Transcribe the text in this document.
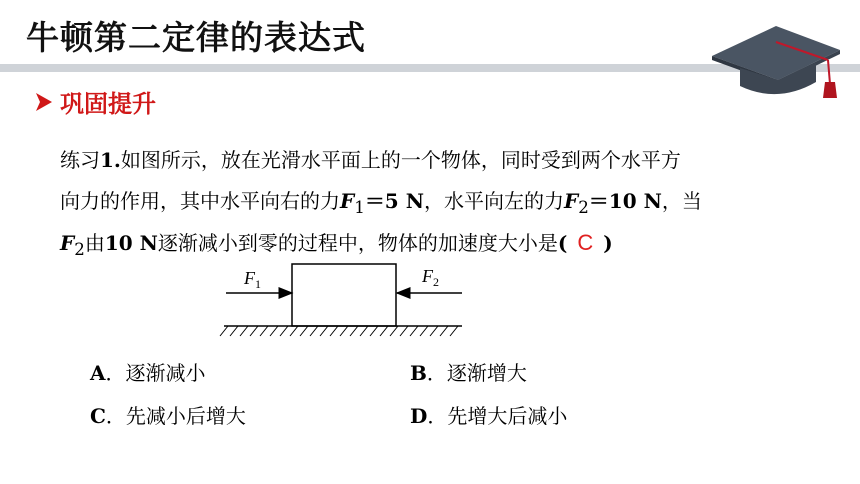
牛顿第二定律的表达式
巩固提升
练习1.如图所示，放在光滑水平面上的一个物体，同时受到两个水平方
向力的作用，其中水平向右的力$F_1=5$ N，水平向左的力$F_2=10$ N，当
$F_2$由10 N逐渐减小到零的过程中，物体的加速度大小是( C )
$F_1$	$F_2$
A．逐渐减小	B．逐渐增大
C．先减小后增大	D．先增大后减小
